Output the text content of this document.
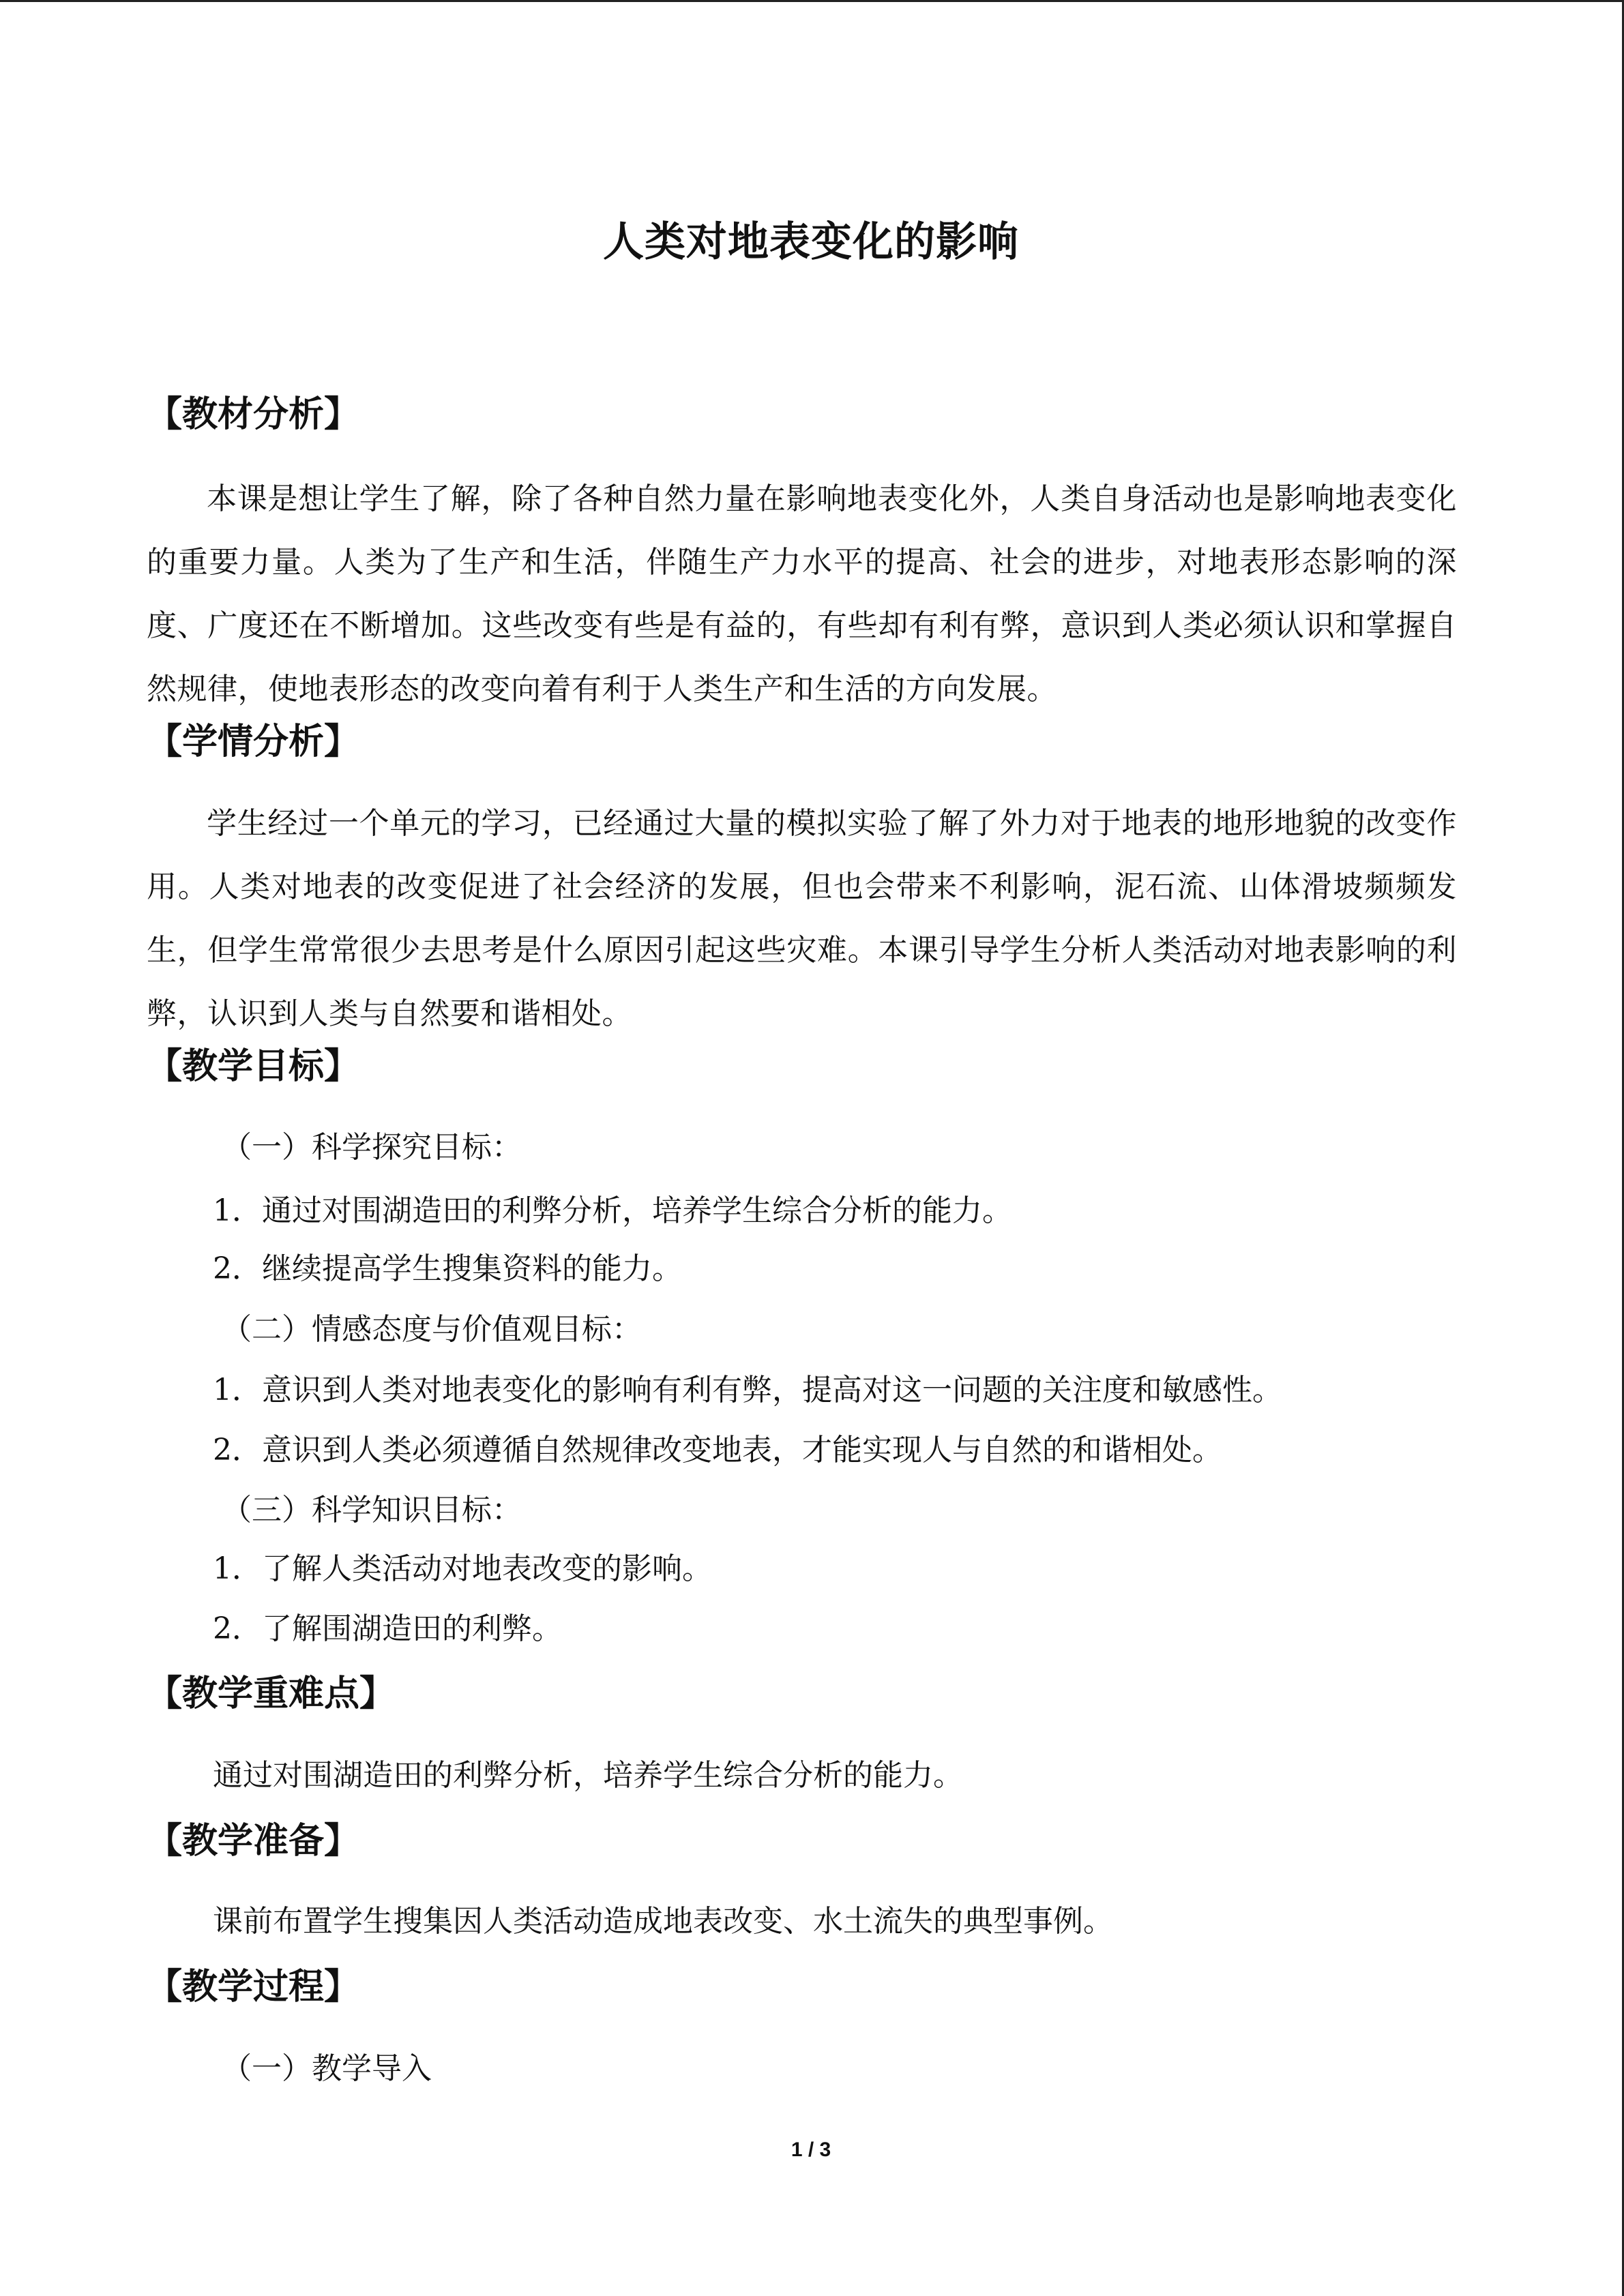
人类对地表变化的影响
【教材分析】
本课是想让学生了解，除了各种自然力量在影响地表变化外，人类自身活动也是影响地表变化的重要力量。人类为了生产和生活，伴随生产力水平的提高、社会的进步，对地表形态影响的深度、广度还在不断增加。这些改变有些是有益的，有些却有利有弊，意识到人类必须认识和掌握自然规律，使地表形态的改变向着有利于人类生产和生活的方向发展。
【学情分析】
学生经过一个单元的学习，已经通过大量的模拟实验了解了外力对于地表的地形地貌的改变作用。人类对地表的改变促进了社会经济的发展，但也会带来不利影响，泥石流、山体滑坡频频发生，但学生常常很少去思考是什么原因引起这些灾难。本课引导学生分析人类活动对地表影响的利弊，认识到人类与自然要和谐相处。
【教学目标】
（一）科学探究目标：
1．通过对围湖造田的利弊分析，培养学生综合分析的能力。
2．继续提高学生搜集资料的能力。
（二）情感态度与价值观目标：
1．意识到人类对地表变化的影响有利有弊，提高对这一问题的关注度和敏感性。
2．意识到人类必须遵循自然规律改变地表，才能实现人与自然的和谐相处。
（三）科学知识目标：
1．了解人类活动对地表改变的影响。
2．了解围湖造田的利弊。
【教学重难点】
通过对围湖造田的利弊分析，培养学生综合分析的能力。
【教学准备】
课前布置学生搜集因人类活动造成地表改变、水土流失的典型事例。
【教学过程】
（一）教学导入
1 / 3
